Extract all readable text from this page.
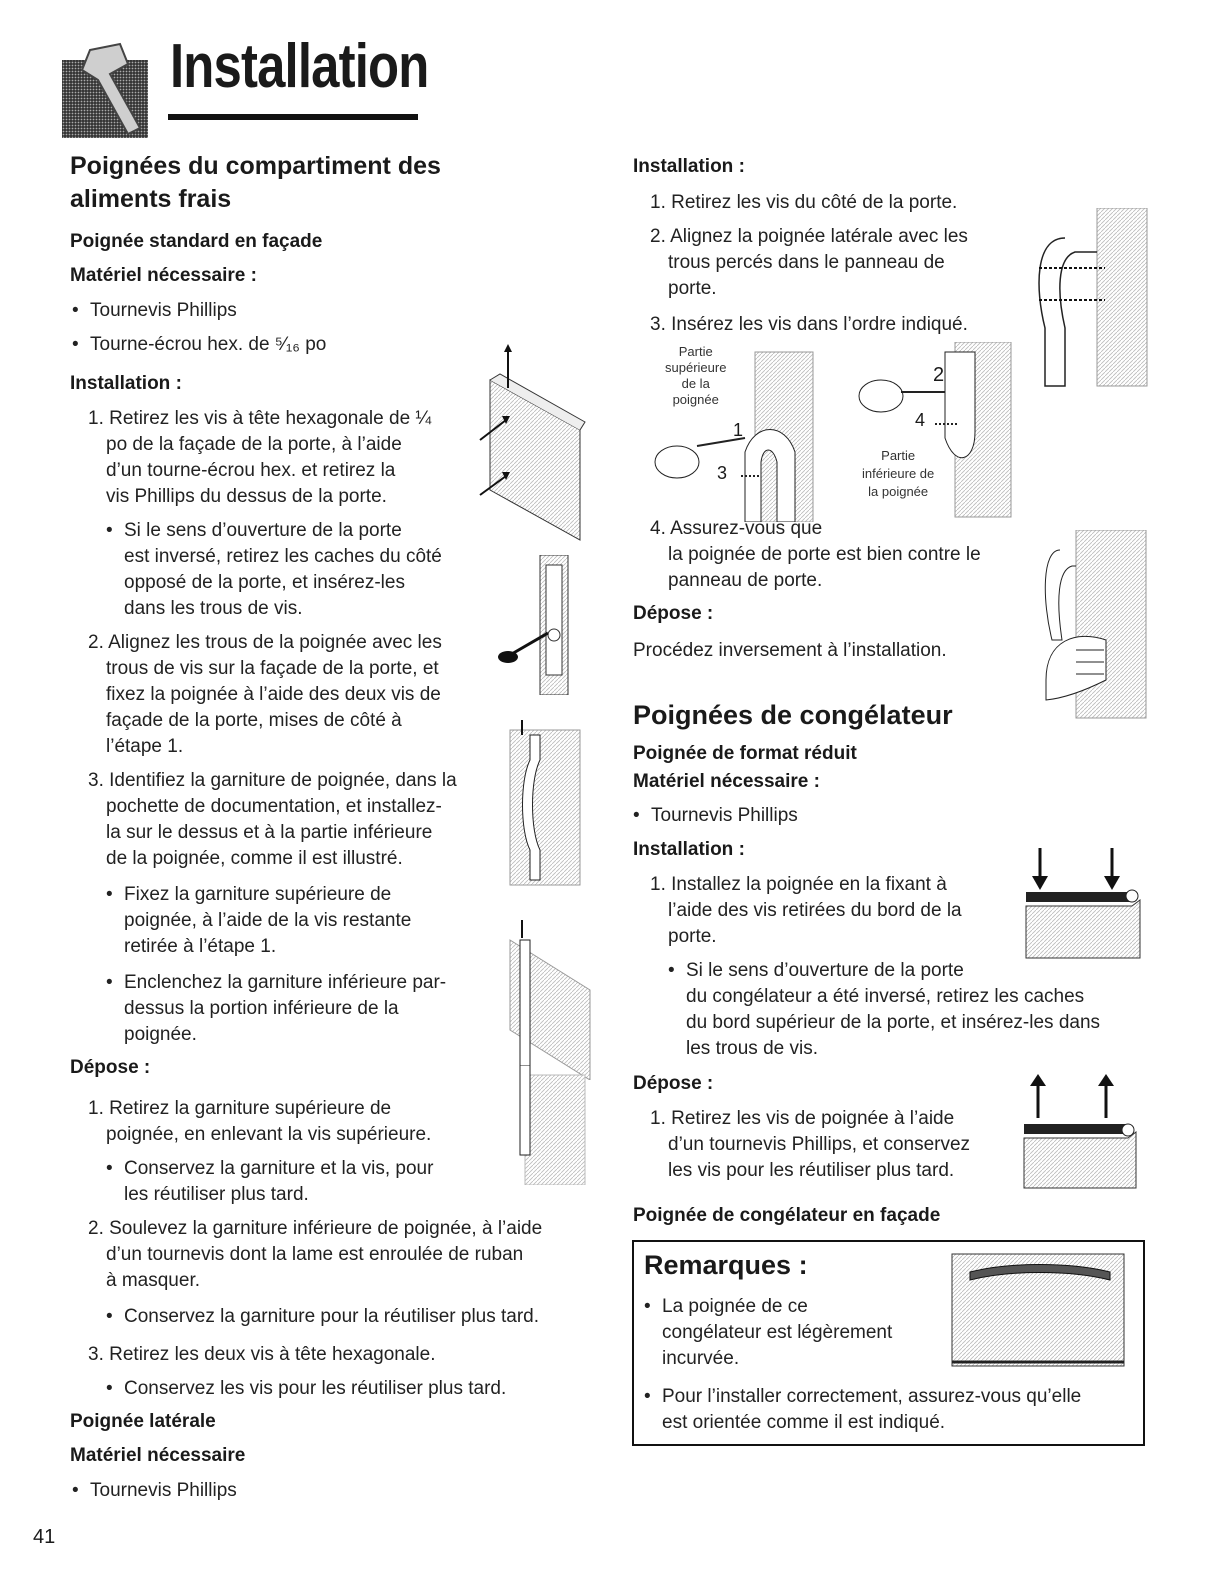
Installation
Poignées du compartiment des
aliments frais
Poignée standard en façade
Matériel nécessaire :
• Tournevis Phillips
• Tourne-écrou hex. de ⁵⁄₁₆ po
Installation :
1. Retirez les vis à tête hexagonale de ¼
po de la façade de la porte, à l’aide
d’un tourne-écrou hex. et retirez la
vis Phillips du dessus de la porte.
• Si le sens d’ouverture de la porte
est inversé, retirez les caches du côté
opposé de la porte, et insérez-les
dans les trous de vis.
2. Alignez les trous de la poignée avec les
trous de vis sur la façade de la porte, et
fixez la poignée à l’aide des deux vis de
façade de la porte, mises de côté à
l’étape 1.
3. Identifiez la garniture de poignée, dans la
pochette de documentation, et installez-
la sur le dessus et à la partie inférieure
de la poignée, comme il est illustré.
• Fixez la garniture supérieure de
poignée, à l’aide de la vis restante
retirée à l’étape 1.
• Enclenchez la garniture inférieure par-
dessus la portion inférieure de la
poignée.
Dépose :
1. Retirez la garniture supérieure de
poignée, en enlevant la vis supérieure.
• Conservez la garniture et la vis, pour
les réutiliser plus tard.
2. Soulevez la garniture inférieure de poignée, à l’aide
d’un tournevis dont la lame est enroulée de ruban
à masquer.
• Conservez la garniture pour la réutiliser plus tard.
3. Retirez les deux vis à tête hexagonale.
• Conservez les vis pour les réutiliser plus tard.
Poignée latérale
Matériel nécessaire
• Tournevis Phillips
Installation :
1. Retirez les vis du côté de la porte.
2. Alignez la poignée latérale avec les
trous percés dans le panneau de
porte.
3. Insérez les vis dans l’ordre indiqué.
Partie
supérieure
de la
poignée
Partie
inférieure de
la poignée
1
2
3
4
4. Assurez-vous que
la poignée de porte est bien contre le
panneau de porte.
Dépose :
Procédez inversement à l’installation.
Poignées de congélateur
Poignée de format réduit
Matériel nécessaire :
• Tournevis Phillips
Installation :
1. Installez la poignée en la fixant à
l’aide des vis retirées du bord de la
porte.
• Si le sens d’ouverture de la porte
du congélateur a été inversé, retirez les caches
du bord supérieur de la porte, et insérez-les dans
les trous de vis.
Dépose :
1. Retirez les vis de poignée à l’aide
d’un tournevis Phillips, et conservez
les vis pour les réutiliser plus tard.
Poignée de congélateur en façade
Remarques :
• La poignée de ce
congélateur est légèrement
incurvée.
• Pour l’installer correctement, assurez-vous qu’elle
est orientée comme il est indiqué.
41
